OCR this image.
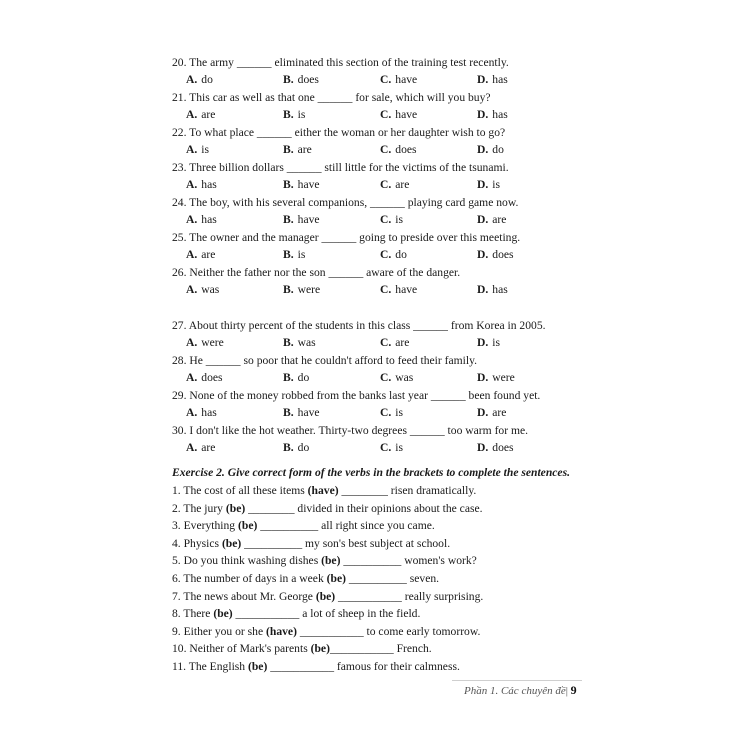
20. The army ______ eliminated this section of the training test recently.
A. do	B. does	C. have	D. has
21. This car as well as that one ______ for sale, which will you buy?
A. are	B. is	C. have	D. has
22. To what place ______ either the woman or her daughter wish to go?
A. is	B. are	C. does	D. do
23. Three billion dollars ______ still little for the victims of the tsunami.
A. has	B. have	C. are	D. is
24. The boy, with his several companions, ______ playing card game now.
A. has	B. have	C. is	D. are
25. The owner and the manager ______ going to preside over this meeting.
A. are	B. is	C. do	D. does
26. Neither the father nor the son ______ aware of the danger.
A. was	B. were	C. have	D. has
27. About thirty percent of the students in this class ______ from Korea in 2005.
A. were	B. was	C. are	D. is
28. He ______ so poor that he couldn't afford to feed their family.
A. does	B. do	C. was	D. were
29. None of the money robbed from the banks last year ______ been found yet.
A. has	B. have	C. is	D. are
30. I don't like the hot weather. Thirty-two degrees ______ too warm for me.
A. are	B. do	C. is	D. does
Exercise 2. Give correct form of the verbs in the brackets to complete the sentences.
1. The cost of all these items (have) ________ risen dramatically.
2. The jury (be) ________ divided in their opinions about the case.
3. Everything (be) __________ all right since you came.
4. Physics (be) __________ my son's best subject at school.
5. Do you think washing dishes (be) __________ women's work?
6. The number of days in a week (be) __________ seven.
7. The news about Mr. George (be) ___________ really surprising.
8. There (be) ___________ a lot of sheep in the field.
9. Either you or she (have) ___________ to come early tomorrow.
10. Neither of Mark's parents (be)___________ French.
11. The English (be) ___________ famous for their calmness.
Phần 1. Các chuyên đề| 9
